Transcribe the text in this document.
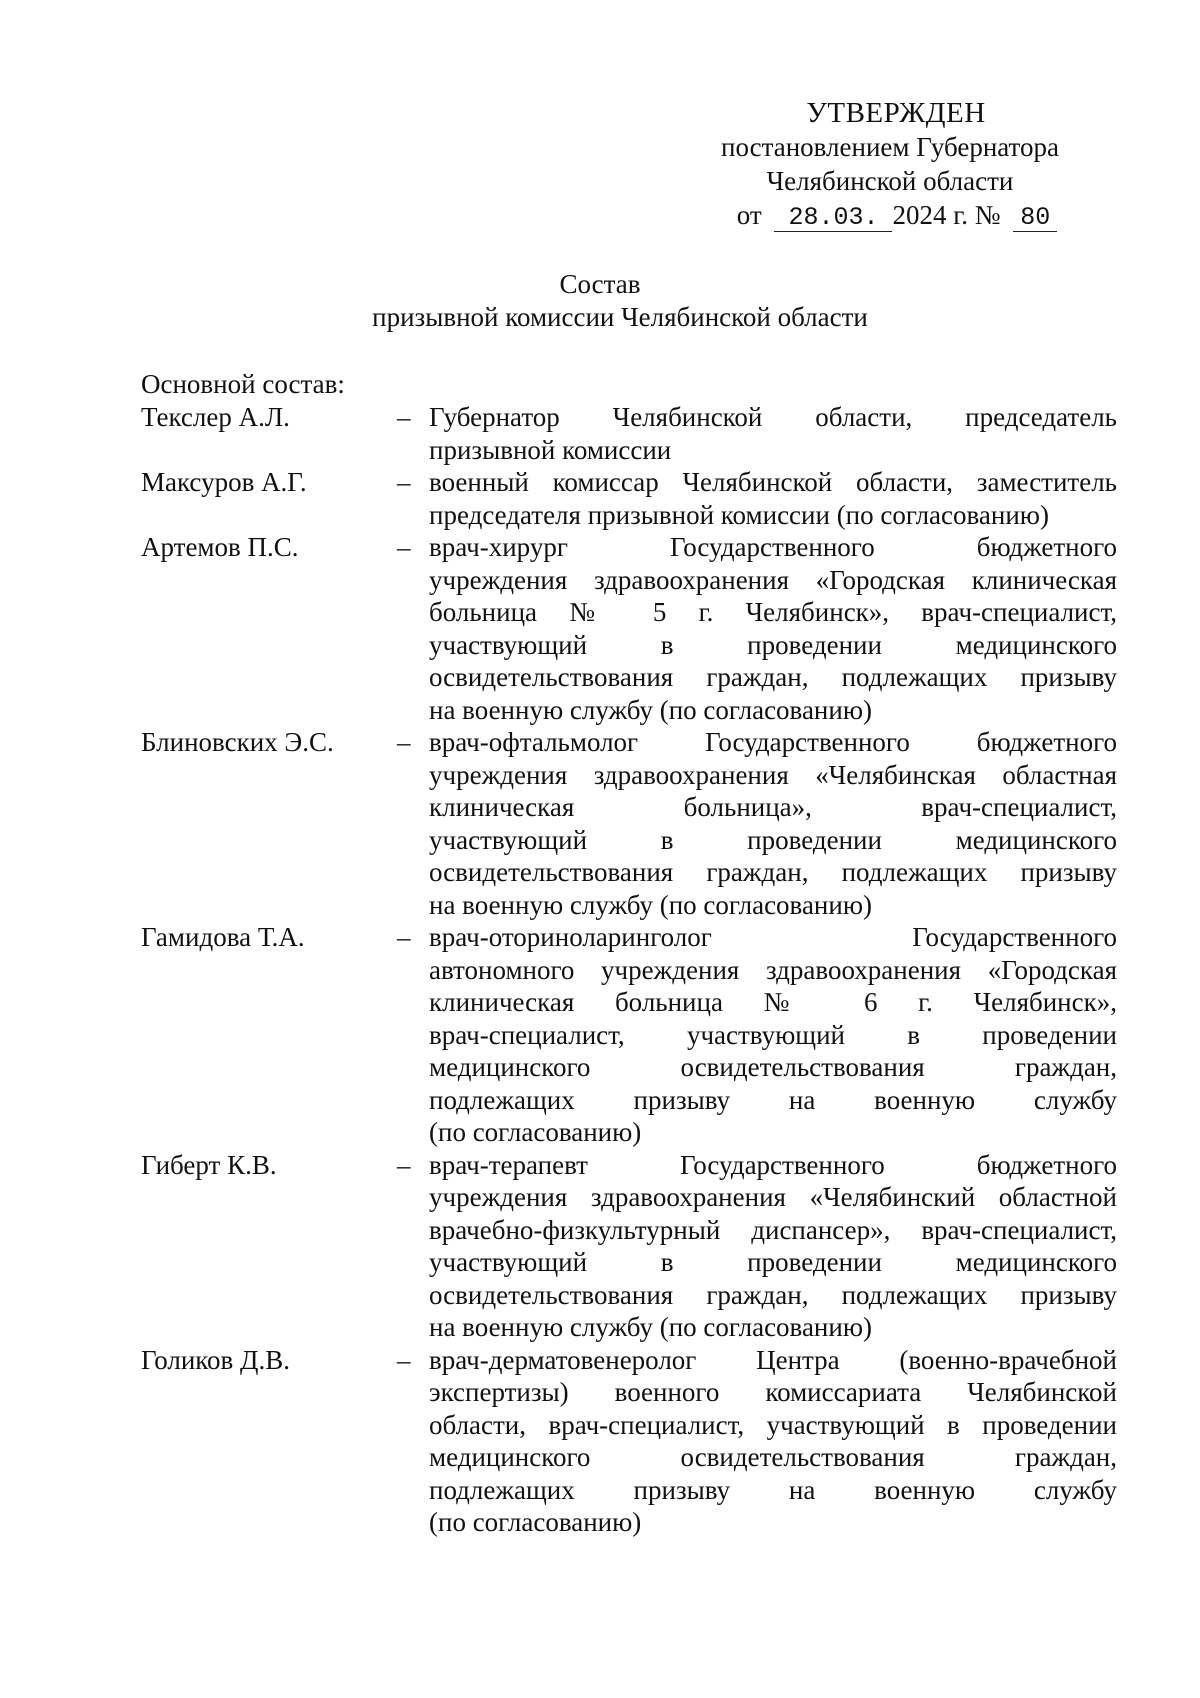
УТВЕРЖДЕН
постановлением Губернатора
Челябинской области
от 28.03. 2024 г. № 80
Состав
призывной комиссии Челябинской области
Основной состав:
Текслер А.Л.	– Губернатор Челябинской области, председатель
призывной комиссии
Максуров А.Г.	– военный комиссар Челябинской области, заместитель
председателя призывной комиссии (по согласованию)
Артемов П.С.	– врач-хирург Государственного бюджетного
учреждения здравоохранения «Городская клиническая
больница № 5 г. Челябинск», врач-специалист,
участвующий в проведении медицинского
освидетельствования граждан, подлежащих призыву
на военную службу (по согласованию)
Блиновских Э.С.	– врач-офтальмолог Государственного бюджетного
учреждения здравоохранения «Челябинская областная
клиническая больница», врач-специалист,
участвующий в проведении медицинского
освидетельствования граждан, подлежащих призыву
на военную службу (по согласованию)
Гамидова Т.А.	– врач-оториноларинголог Государственного
автономного учреждения здравоохранения «Городская
клиническая больница № 6 г. Челябинск»,
врач-специалист, участвующий в проведении
медицинского освидетельствования граждан,
подлежащих призыву на военную службу
(по согласованию)
Гиберт К.В.	– врач-терапевт Государственного бюджетного
учреждения здравоохранения «Челябинский областной
врачебно-физкультурный диспансер», врач-специалист,
участвующий в проведении медицинского
освидетельствования граждан, подлежащих призыву
на военную службу (по согласованию)
Голиков Д.В.	– врач-дерматовенеролог Центра (военно-врачебной
экспертизы) военного комиссариата Челябинской
области, врач-специалист, участвующий в проведении
медицинского освидетельствования граждан,
подлежащих призыву на военную службу
(по согласованию)
